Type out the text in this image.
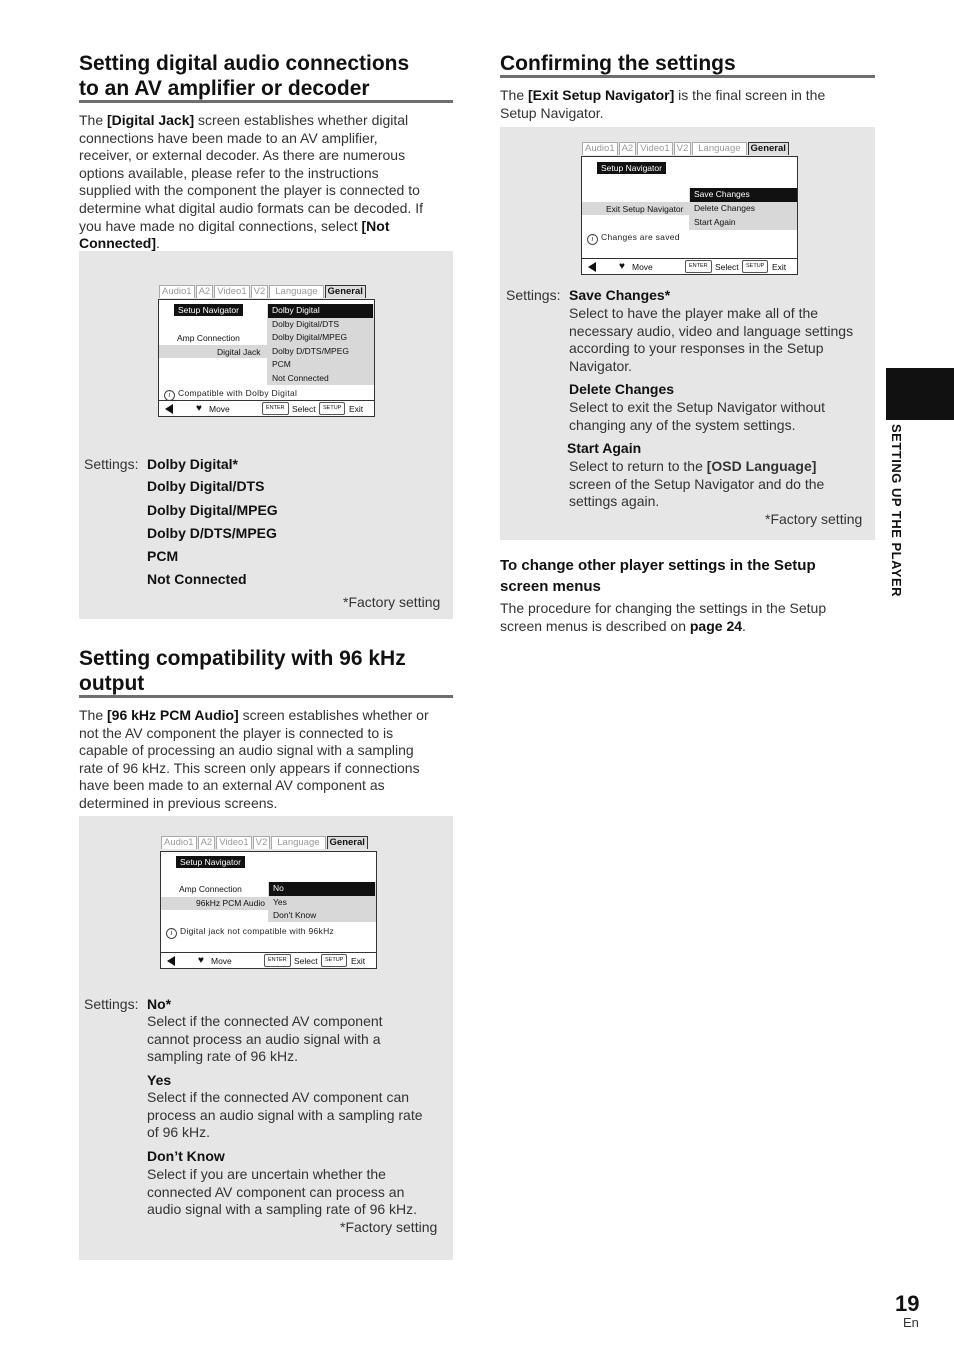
Setting digital audio connections
to an AV amplifier or decoder
The [Digital Jack] screen establishes whether digital
connections have been made to an AV amplifier,
receiver, or external decoder. As there are numerous
options available, please refer to the instructions
supplied with the component the player is connected to
determine what digital audio formats can be decoded. If
you have made no digital connections, select [Not
Connected].
Audio1 A2 Video1 V2	Language	General
Setup Navigator
Amp Connection
Digital Jack
Dolby Digital
Dolby Digital/DTS
Dolby Digital/MPEG
Dolby D/DTS/MPEG
PCM
Not Connected
i Compatible with Dolby Digital
♥ Move	ENTER Select	SETUP Exit
Settings: Dolby Digital*
Dolby Digital/DTS
Dolby Digital/MPEG
Dolby D/DTS/MPEG
PCM
Not Connected
*Factory setting
Setting compatibility with 96 kHz
output
The [96 kHz PCM Audio] screen establishes whether or
not the AV component the player is connected to is
capable of processing an audio signal with a sampling
rate of 96 kHz. This screen only appears if connections
have been made to an external AV component as
determined in previous screens.
Audio1 A2 Video1 V2	Language	General
Setup Navigator
Amp Connection
96kHz PCM Audio
No
Yes
Don't Know
i Digital jack not compatible with 96kHz
♥ Move	ENTER Select	SETUP Exit
Settings: No*
Select if the connected AV component
cannot process an audio signal with a
sampling rate of 96 kHz.
Yes
Select if the connected AV component can
process an audio signal with a sampling rate
of 96 kHz.
Don’t Know
Select if you are uncertain whether the
connected AV component can process an
audio signal with a sampling rate of 96 kHz.
*Factory setting
Confirming the settings
The [Exit Setup Navigator] is the final screen in the
Setup Navigator.
Audio1 A2 Video1 V2	Language	General
Setup Navigator
Exit Setup Navigator
Save Changes
Delete Changes
Start Again
i Changes are saved
♥ Move	ENTER Select	SETUP Exit
Settings: Save Changes*
Select to have the player make all of the
necessary audio, video and language settings
according to your responses in the Setup
Navigator.
Delete Changes
Select to exit the Setup Navigator without
changing any of the system settings.
Start Again
Select to return to the [OSD Language]
screen of the Setup Navigator and do the
settings again.
*Factory setting
To change other player settings in the Setup
screen menus
The procedure for changing the settings in the Setup
screen menus is described on page 24.
SETTING UP THE PLAYER
19
En
